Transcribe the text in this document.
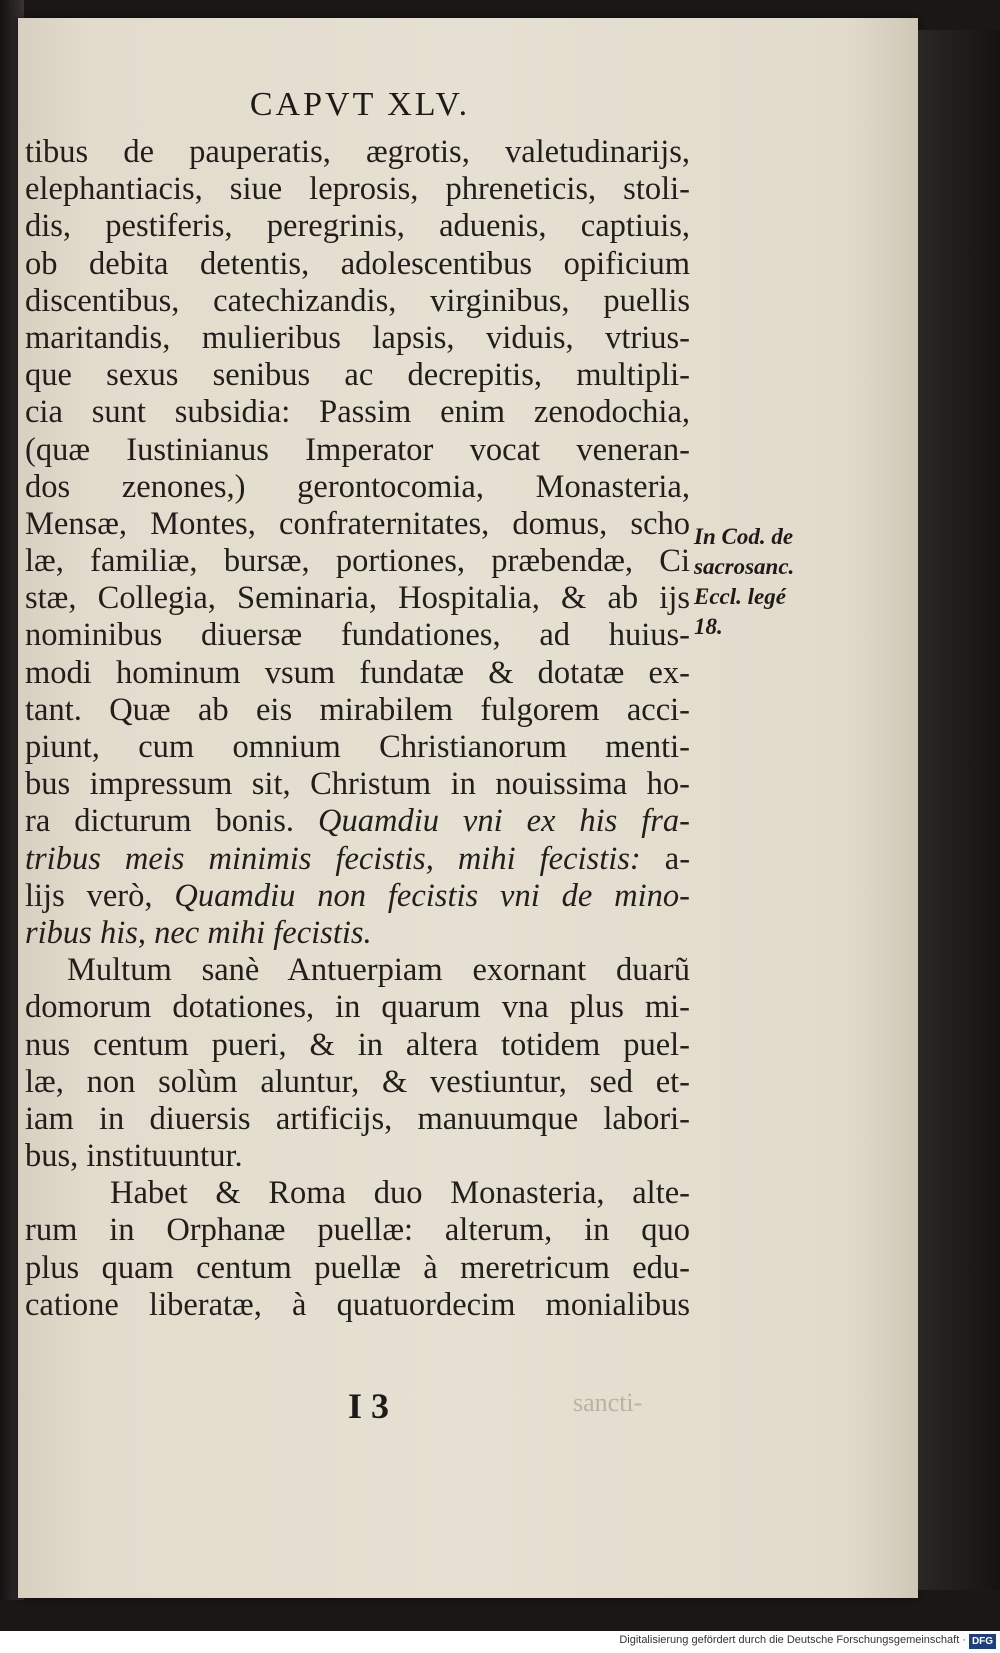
CAPVT XLV.
tibus de pauperatis, ægrotis, valetudinarijs,
elephantiacis, siue leprosis, phreneticis, stoli-
dis, pestiferis, peregrinis, aduenis, captiuis,
ob debita detentis, adolescentibus opificium
discentibus, catechizandis, virginibus, puellis
maritandis, mulieribus lapsis, viduis, vtrius-
que sexus senibus ac decrepitis, multipli-
cia sunt subsidia: Passim enim zenodochia,
(quæ Iustinianus Imperator vocat veneran-
dos zenones,) gerontocomia, Monasteria,
Mensæ, Montes, confraternitates, domus, scho
læ, familiæ, bursæ, portiones, præbendæ, Ci
stæ, Collegia, Seminaria, Hospitalia, & ab ijs
nominibus diuersæ fundationes, ad huius-
modi hominum vsum fundatæ & dotatæ ex-
tant. Quæ ab eis mirabilem fulgorem acci-
piunt, cum omnium Christianorum menti-
bus impressum sit, Christum in nouissima ho-
ra dicturum bonis. Quamdiu vni ex his fra-
tribus meis minimis fecistis, mihi fecistis: a-
lijs verò, Quamdiu non fecistis vni de mino-
ribus his, nec mihi fecistis.
Multum sanè Antuerpiam exornant duarũ
domorum dotationes, in quarum vna plus mi-
nus centum pueri, & in altera totidem puel-
læ, non solùm aluntur, & vestiuntur, sed et-
iam in diuersis artificijs, manuumque labori-
bus, instituuntur.
Habet & Roma duo Monasteria, alte-
rum in Orphanæ puellæ: alterum, in quo
plus quam centum puellæ à meretricum edu-
catione liberatæ, à quatuordecim monialibus
In Cod. de
sacrosanc.
Eccl. legé
18.
I 3	sancti-
Digitalisierung gefördert durch die Deutsche Forschungsgemeinschaft · DFG
